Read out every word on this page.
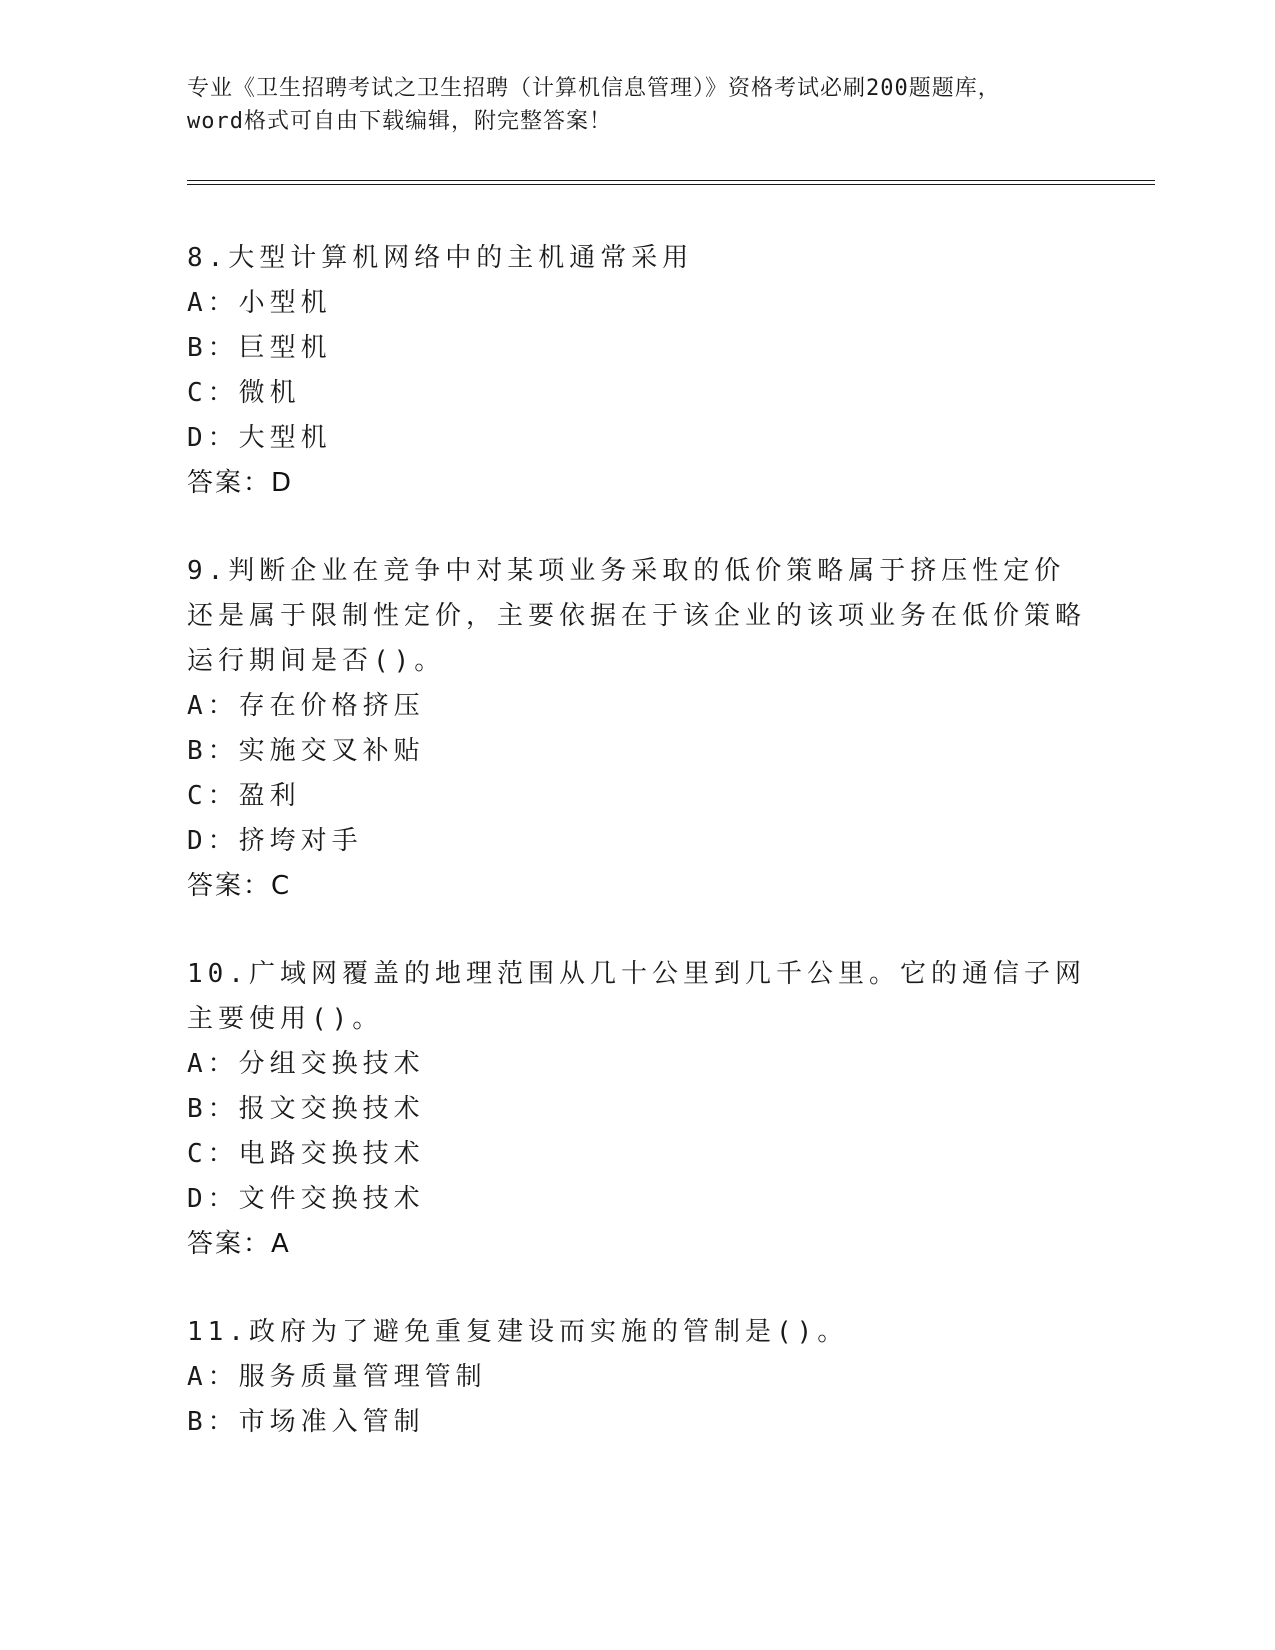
专业《卫生招聘考试之卫生招聘（计算机信息管理）》资格考试必刷200题题库，
word格式可自由下载编辑，附完整答案！
8.大型计算机网络中的主机通常采用
A：小型机
B：巨型机
C：微机
D：大型机
答案：D
9.判断企业在竞争中对某项业务采取的低价策略属于挤压性定价还是属于限制性定价，主要依据在于该企业的该项业务在低价策略运行期间是否()。
A：存在价格挤压
B：实施交叉补贴
C：盈利
D：挤垮对手
答案：C
10.广域网覆盖的地理范围从几十公里到几千公里。它的通信子网主要使用()。
A：分组交换技术
B：报文交换技术
C：电路交换技术
D：文件交换技术
答案：A
11.政府为了避免重复建设而实施的管制是()。
A：服务质量管理管制
B：市场准入管制
